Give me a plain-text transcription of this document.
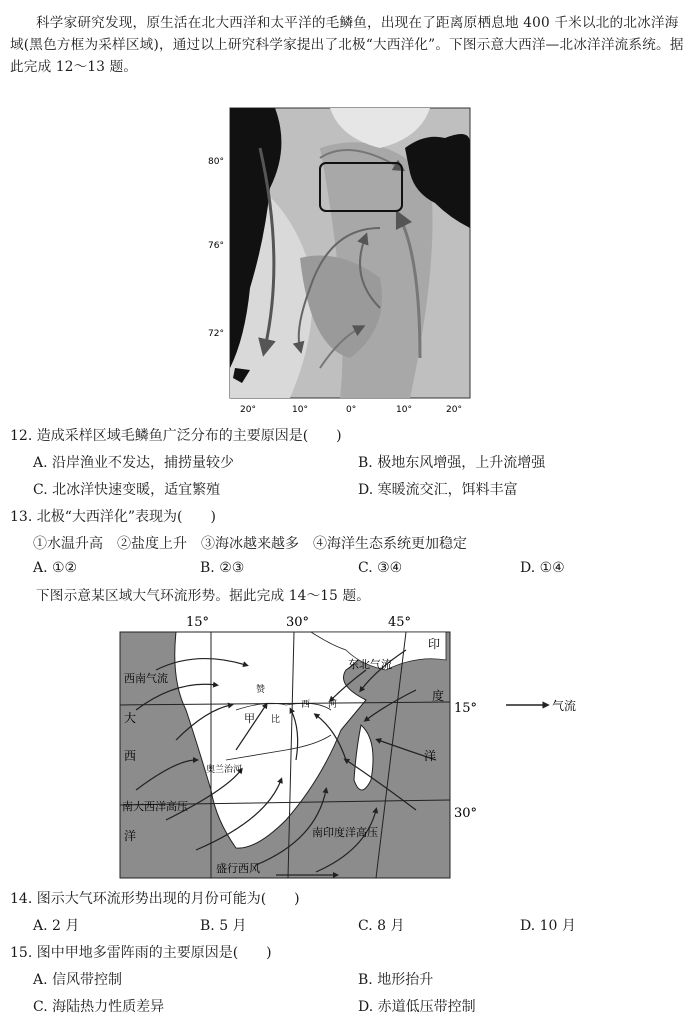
科学家研究发现，原生活在北大西洋和太平洋的毛鳞鱼，出现在了距离原栖息地 400 千米以北的北冰洋海域(黑色方框为采样区域)，通过以上研究科学家提出了北极“大西洋化”。下图示意大西洋—北冰洋洋流系统。据此完成 12～13 题。

80°
76°
72°
20°	10°	0°	10°	20°
12. 造成采样区域毛鳞鱼广泛分布的主要原因是(　　)
A. 沿岸渔业不发达，捕捞量较少	B. 极地东风增强，上升流增强
C. 北冰洋快速变暖，适宜繁殖	D. 寒暖流交汇，饵料丰富
13. 北极“大西洋化”表现为(　　)
①水温升高　②盐度上升　③海冰越来越多　④海洋生态系统更加稳定
A. ①②	B. ②③	C. ③④	D. ①④

下图示意某区域大气环流形势。据此完成 14～15 题。

15°	30°	45°
15°
30°
气流
西南气流
东北气流
大
西
洋
南大西洋高压
印
度
洋
南印度洋高压
盛行西风
赞
甲 比
西 河
奥兰治河
14. 图示大气环流形势出现的月份可能为(　　)
A. 2 月	B. 5 月	C. 8 月	D. 10 月
15. 图中甲地多雷阵雨的主要原因是(　　)
A. 信风带控制	B. 地形抬升
C. 海陆热力性质差异	D. 赤道低压带控制
